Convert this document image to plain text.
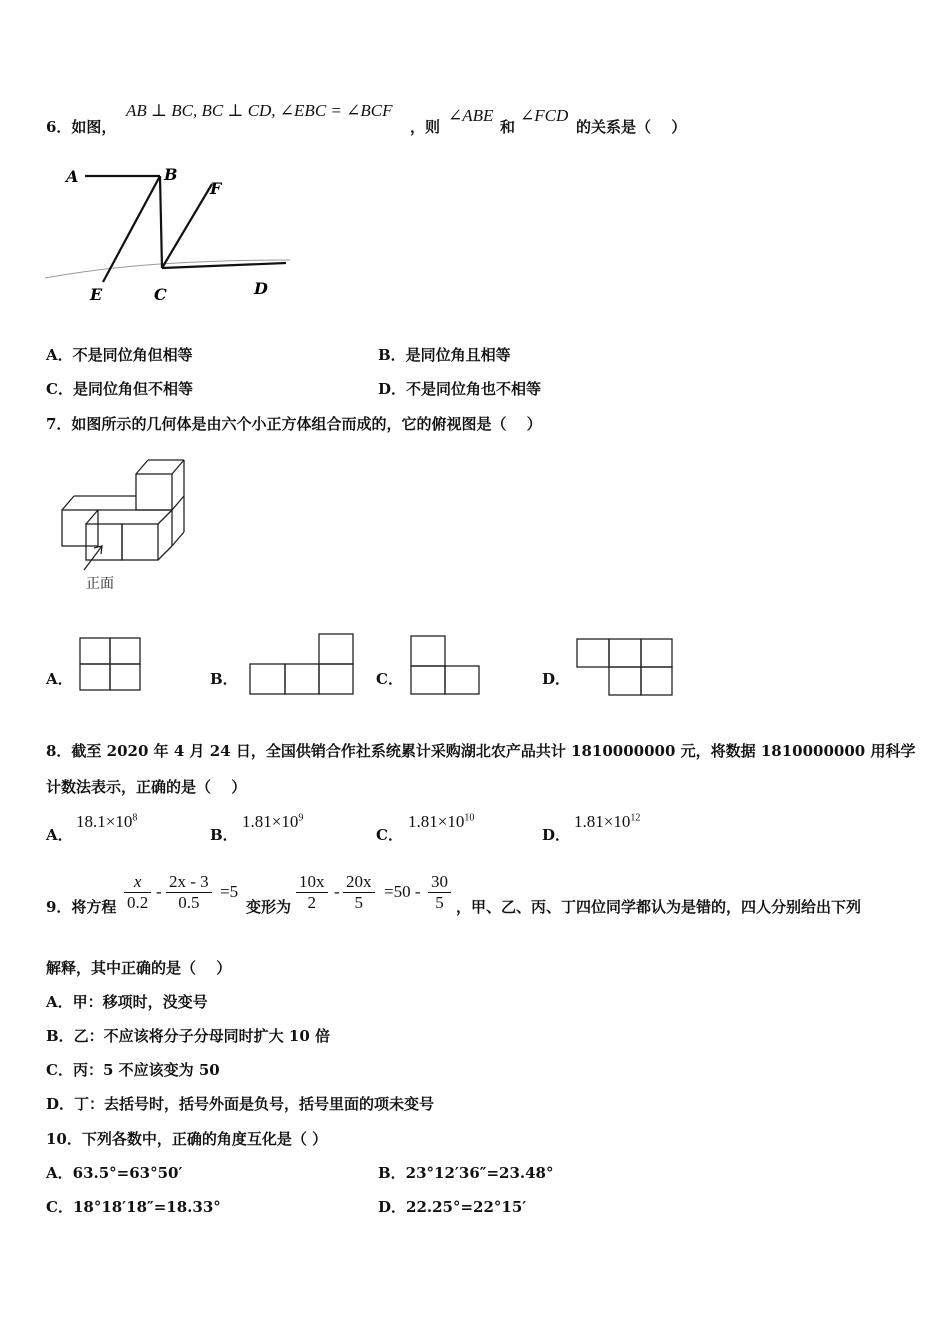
6．如图，
AB ⊥ BC, BC ⊥ CD, ∠EBC = ∠BCF
，则
∠ABE
和
∠FCD
的关系是（　 ）
A	B
F
E	C	D
A．不是同位角但相等	B．是同位角且相等
C．是同位角但不相等	D．不是同位角也不相等
7．如图所示的几何体是由六个小正方体组合而成的，它的俯视图是（　 ）
正面
A．	B．	C．	D．
8．截至 2020 年 4 月 24 日，全国供销合作社系统累计采购湖北农产品共计 1810000000 元，将数据 1810000000 用科学
计数法表示，正确的是（　 ）
A．
$18.1\times 10^8$
B．
$1.81\times 10^9$
C．
$1.81\times 10^{10}$
D．
$1.81\times 10^{12}$
9．将方程
x
0.2
-
2x - 3
0.5
=5
变形为
10x
2
-
20x
5
=50 -
30
5 ，甲、乙、丙、丁四位同学都认为是错的，四人分别给出下列
解释，其中正确的是（　 ）
A．甲：移项时，没变号
B．乙：不应该将分子分母同时扩大 10 倍
C．丙：5 不应该变为 50
D．丁：去括号时，括号外面是负号，括号里面的项未变号
10．下列各数中，正确的角度互化是（ ）
A．63.5°=63°50′	B．23°12′36″=23.48°
C．18°18′18″=18.33°	D．22.25°=22°15′
